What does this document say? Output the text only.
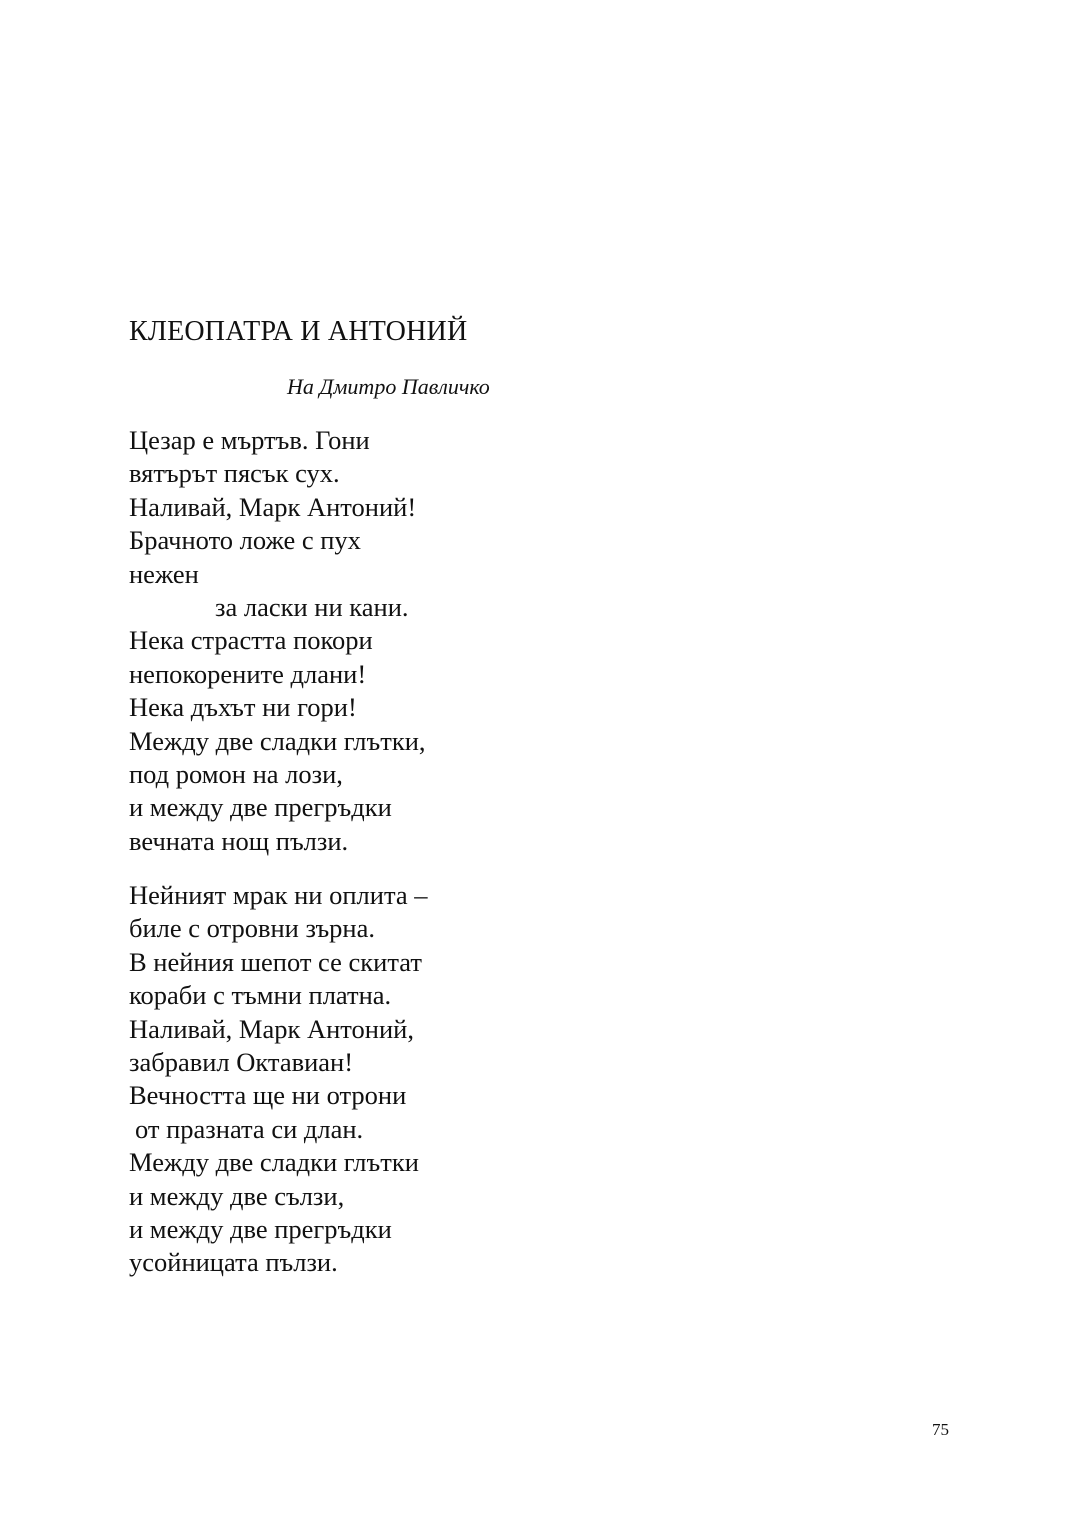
КЛЕОПАТРА И АНТОНИЙ
На Дмитро Павличко
Цезар е мъртъв. Гони
вятърът пясък сух.
Наливай, Марк Антоний!
Брачното ложе с пух
нежен
за ласки ни кани.
Нека страстта покори
непокорените длани!
Нека дъхът ни гори!
Между две сладки глътки,
под ромон на лози,
и между две прегръдки
вечната нощ пълзи.
Нейният мрак ни оплита –
биле с отровни зърна.
В нейния шепот се скитат
кораби с тъмни платна.
Наливай, Марк Антоний,
забравил Октавиан!
Вечността ще ни отрони
от празната си длан.
Между две сладки глътки
и между две сълзи,
и между две прегръдки
усойницата пълзи.
75
